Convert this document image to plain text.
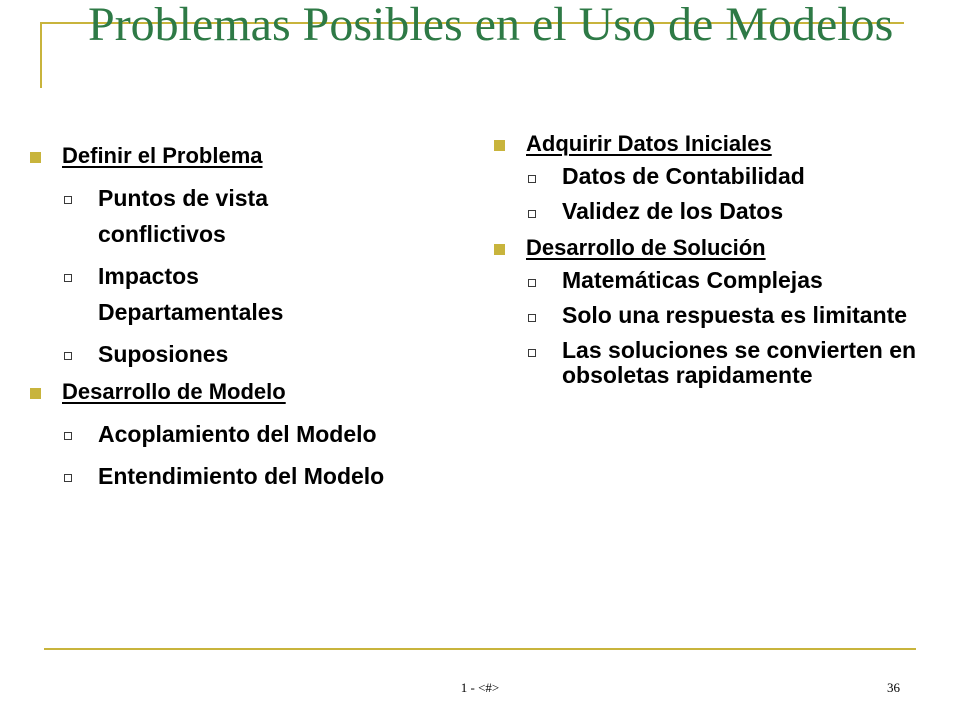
Problemas Posibles en el Uso de Modelos
Definir el Problema
Puntos de vista conflictivos
Impactos Departamentales
Suposiones
Desarrollo de Modelo
Acoplamiento del Modelo
Entendimiento del Modelo
Adquirir Datos Iniciales
Datos de Contabilidad
Validez de los Datos
Desarrollo de Solución
Matemáticas Complejas
Solo una respuesta es limitante
Las soluciones se convierten en obsoletas rapidamente
1 - <#>	36
